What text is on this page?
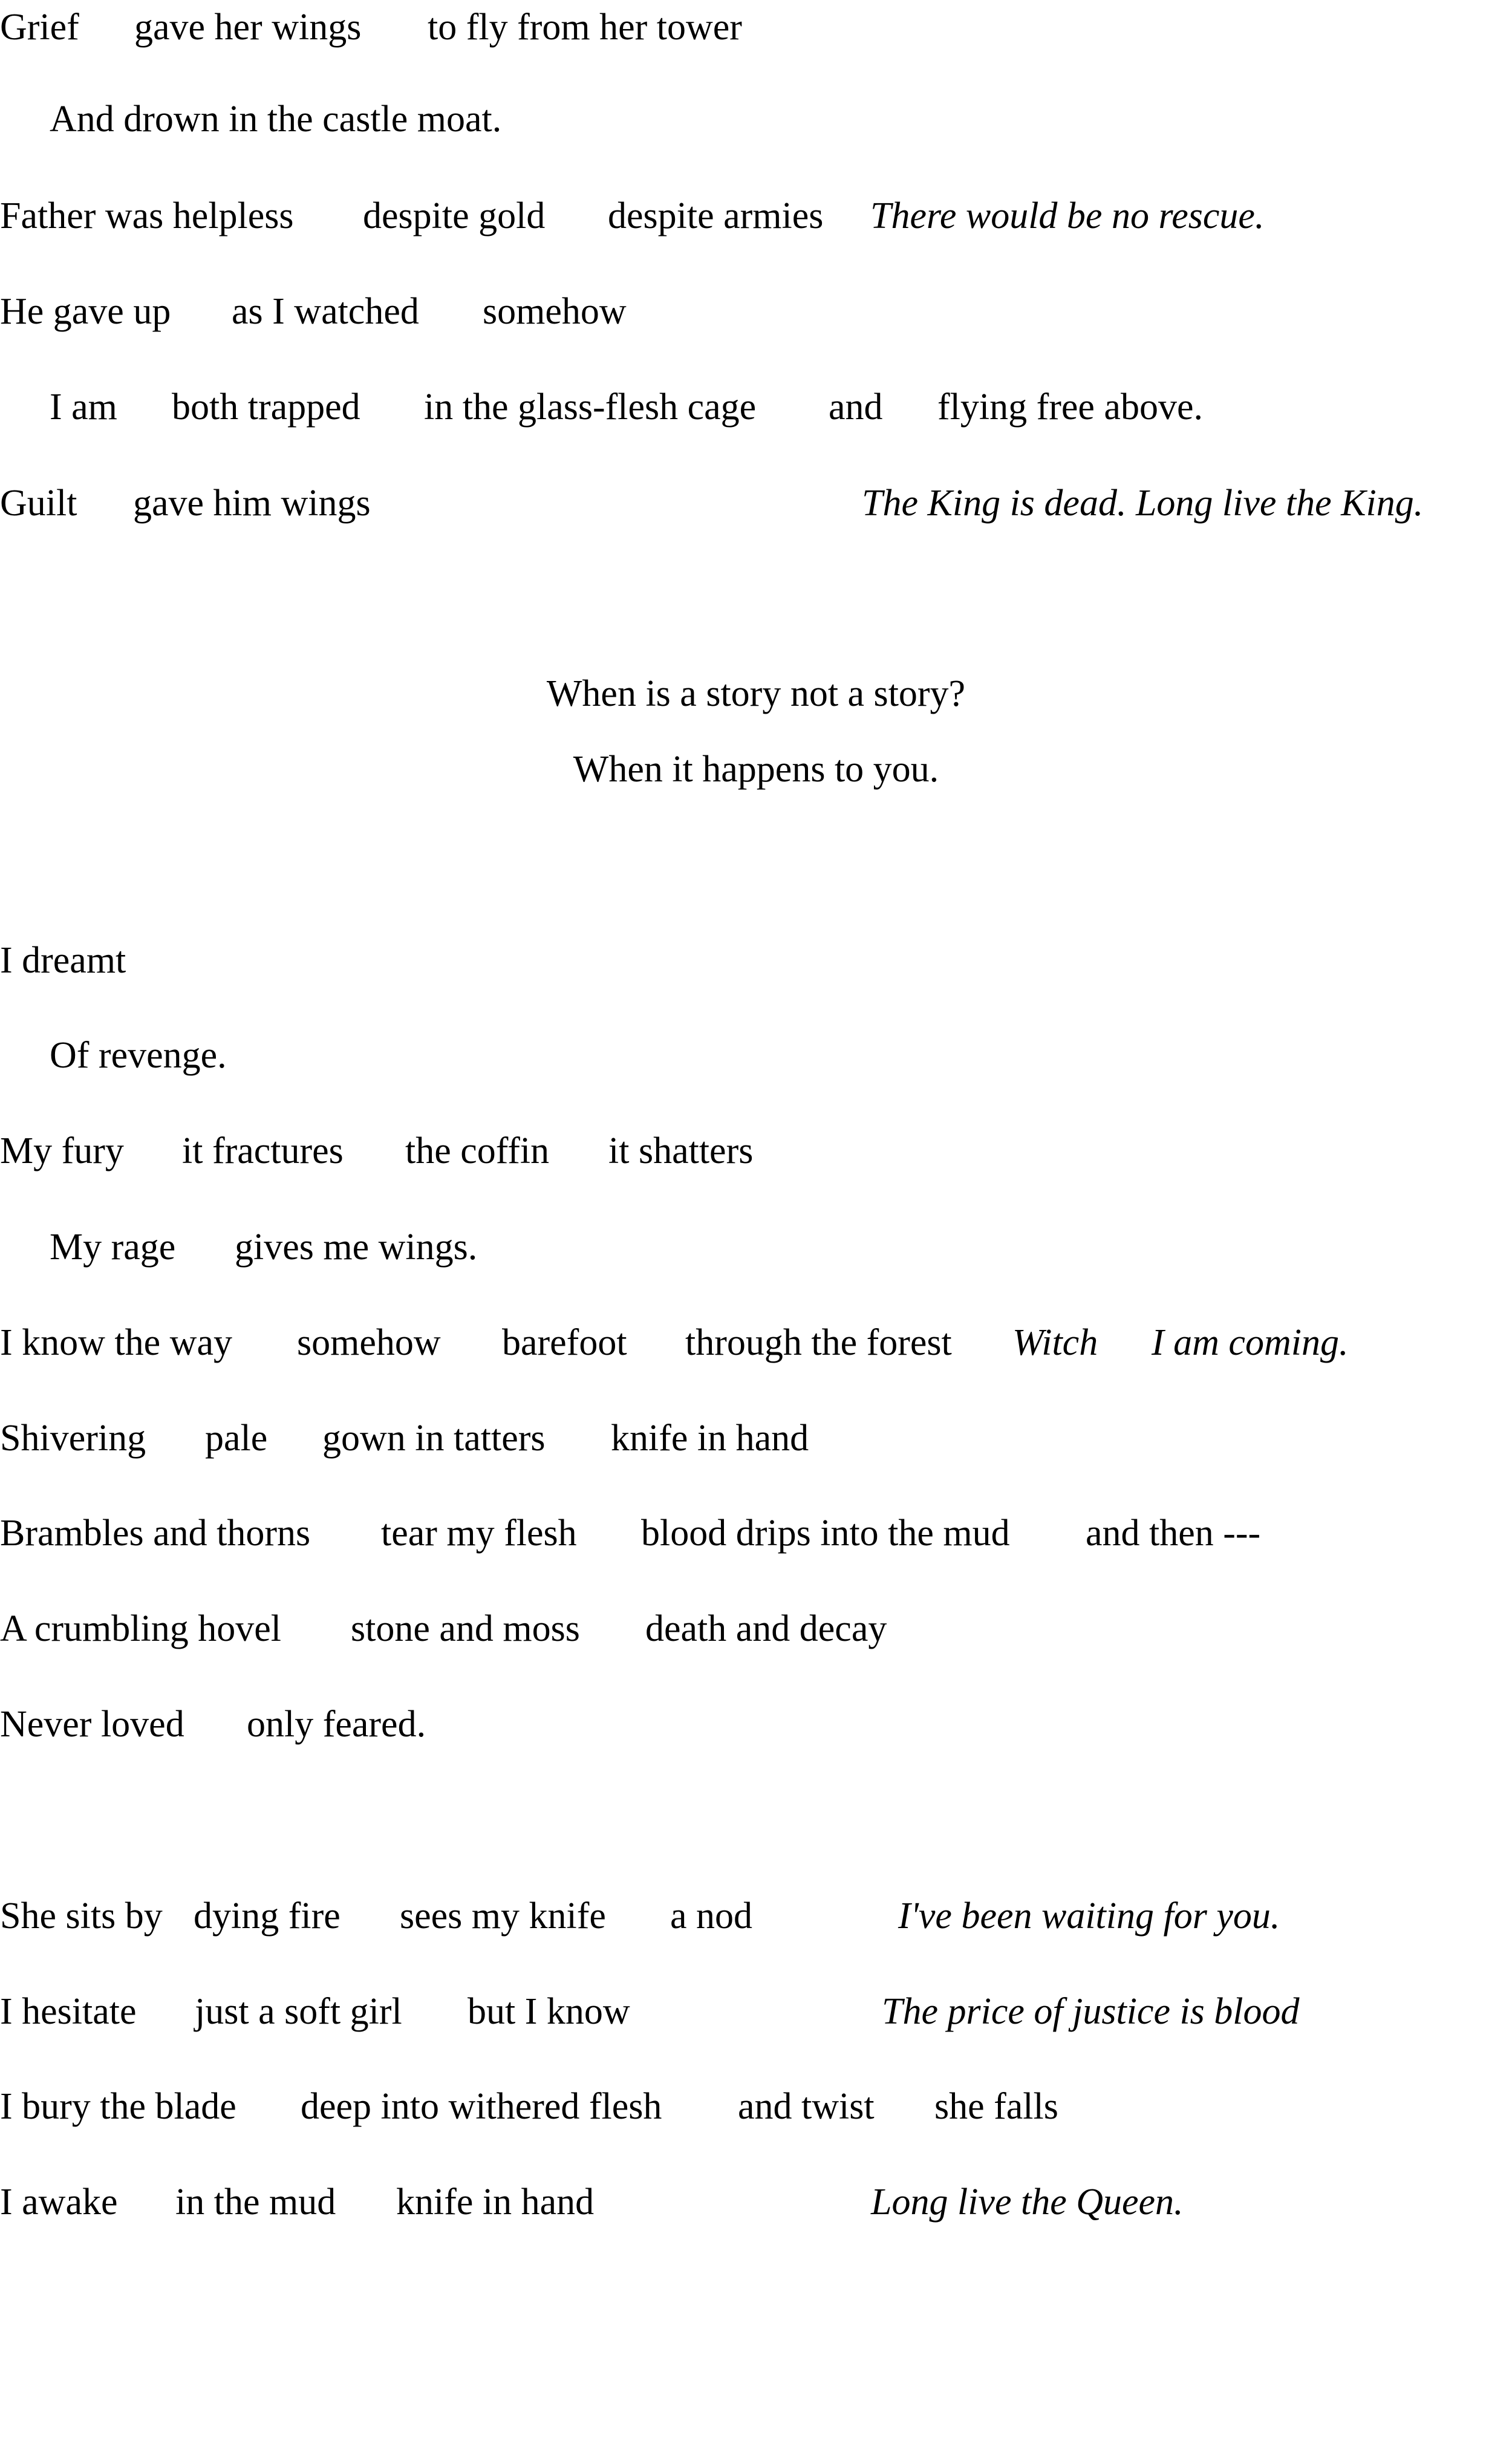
Grief

gave her wings

to fly from her tower

And drown in the castle moat.

Father was helpless

despite gold

despite armies

There would be no rescue.

He gave up

as I watched

somehow

I am

both trapped

in the glass-flesh cage

and

flying free above.

Guilt

gave him wings

	The King is dead. Long live the King.

When is a story not a story?
When it happens to you.

I dreamt

Of revenge.

My fury

it fractures

the coffin

it shatters

My rage

gives me wings.

I know the way

somehow

barefoot

through the forest

Witch

I am coming.

Shivering

pale

gown in tatters

knife in hand

Brambles and thorns

tear my flesh

blood drips into the mud

and then ---

A crumbling hovel

stone and moss

death and decay

Never loved

only feared.

She sits by

dying fire

sees my knife

a nod

	I've been waiting for you.

I hesitate

just a soft girl

but I know

	The price of justice is blood

I bury the blade

deep into withered flesh

and twist

she falls

I awake

in the mud

knife in hand

	Long live the Queen.
